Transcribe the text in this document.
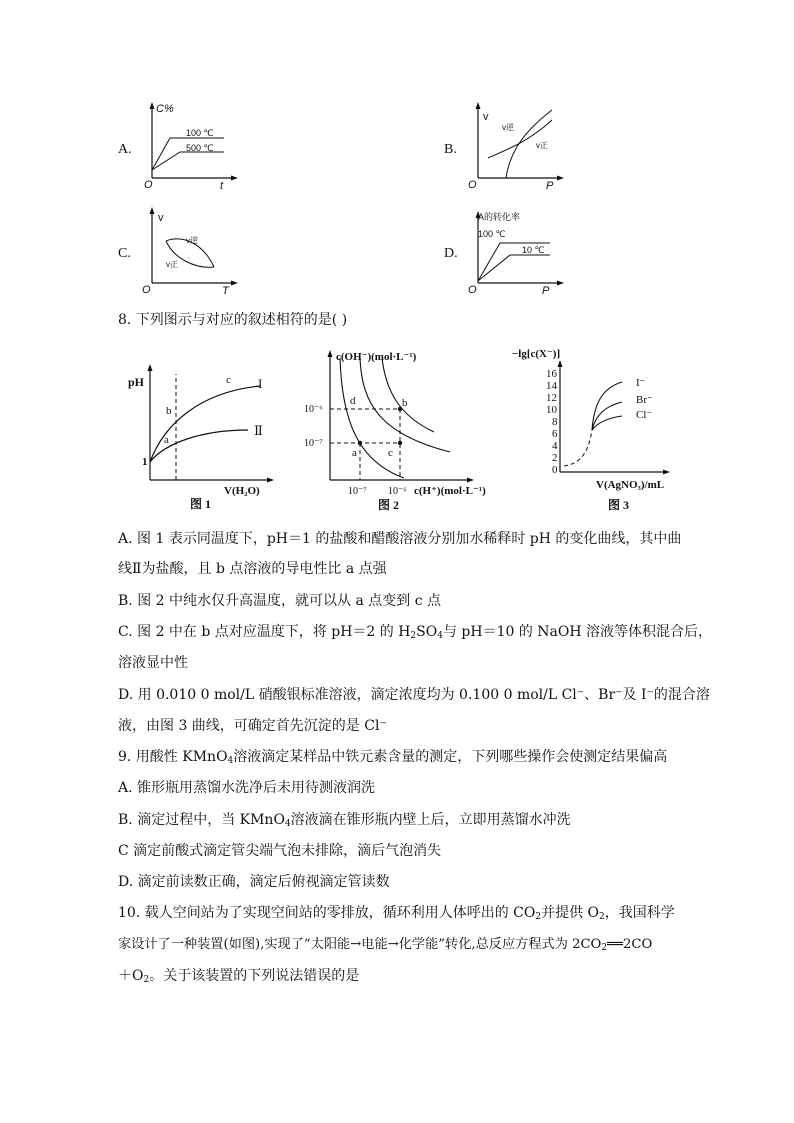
A.
C%
O	t
100 ℃
500 ℃	B.
v
O	P
v逆
v正
C.
v
O	T
v逆
v正
D.
A的转化率
O	P
100 ℃
10 ℃
8. 下列图示与对应的叙述相符的是( )
pH
V(H₂O)
1
I
Ⅱ
c
b
a
图 1
c(OH⁻)(mol·L⁻¹)
c(H⁺)(mol·L⁻¹)
10⁻⁶
10⁻⁷
10⁻⁷ 10⁻⁶
d	b
a	c
图 2
−lg[c(X⁻)]
V(AgNO₃)/mL
16
14
12
10
8
6
4
2
0
I⁻
Br⁻
Cl⁻
图 3
A. 图 1 表示同温度下，pH＝1 的盐酸和醋酸溶液分别加水稀释时 pH 的变化曲线，其中曲
线Ⅱ为盐酸，且 b 点溶液的导电性比 a 点强
B. 图 2 中纯水仅升高温度，就可以从 a 点变到 c 点
C. 图 2 中在 b 点对应温度下，将 pH＝2 的 $H_2SO_4$与 pH＝10 的 NaOH 溶液等体积混合后，
溶液显中性
D. 用 0.010 0 mol/L 硝酸银标准溶液，滴定浓度均为 0.100 0 mol/L Cl⁻、Br⁻及 I⁻的混合溶
液，由图 3 曲线，可确定首先沉淀的是 Cl⁻
9. 用酸性 KMnO$_4$溶液滴定某样品中铁元素含量的测定，下列哪些操作会使测定结果偏高
A. 锥形瓶用蒸馏水洗净后未用待测液润洗
B. 滴定过程中，当 KMnO$_4$溶液滴在锥形瓶内壁上后，立即用蒸馏水冲洗
C 滴定前酸式滴定管尖端气泡未排除，滴后气泡消失
D. 滴定前读数正确，滴定后俯视滴定管读数
10. 载人空间站为了实现空间站的零排放，循环利用人体呼出的 $CO_2$并提供 $O_2$，我国科学
家设计了一种装置(如图),实现了“太阳能→电能→化学能”转化,总反应方程式为 $2CO_2══2CO$
$+O_2$。关于该装置的下列说法错误的是
